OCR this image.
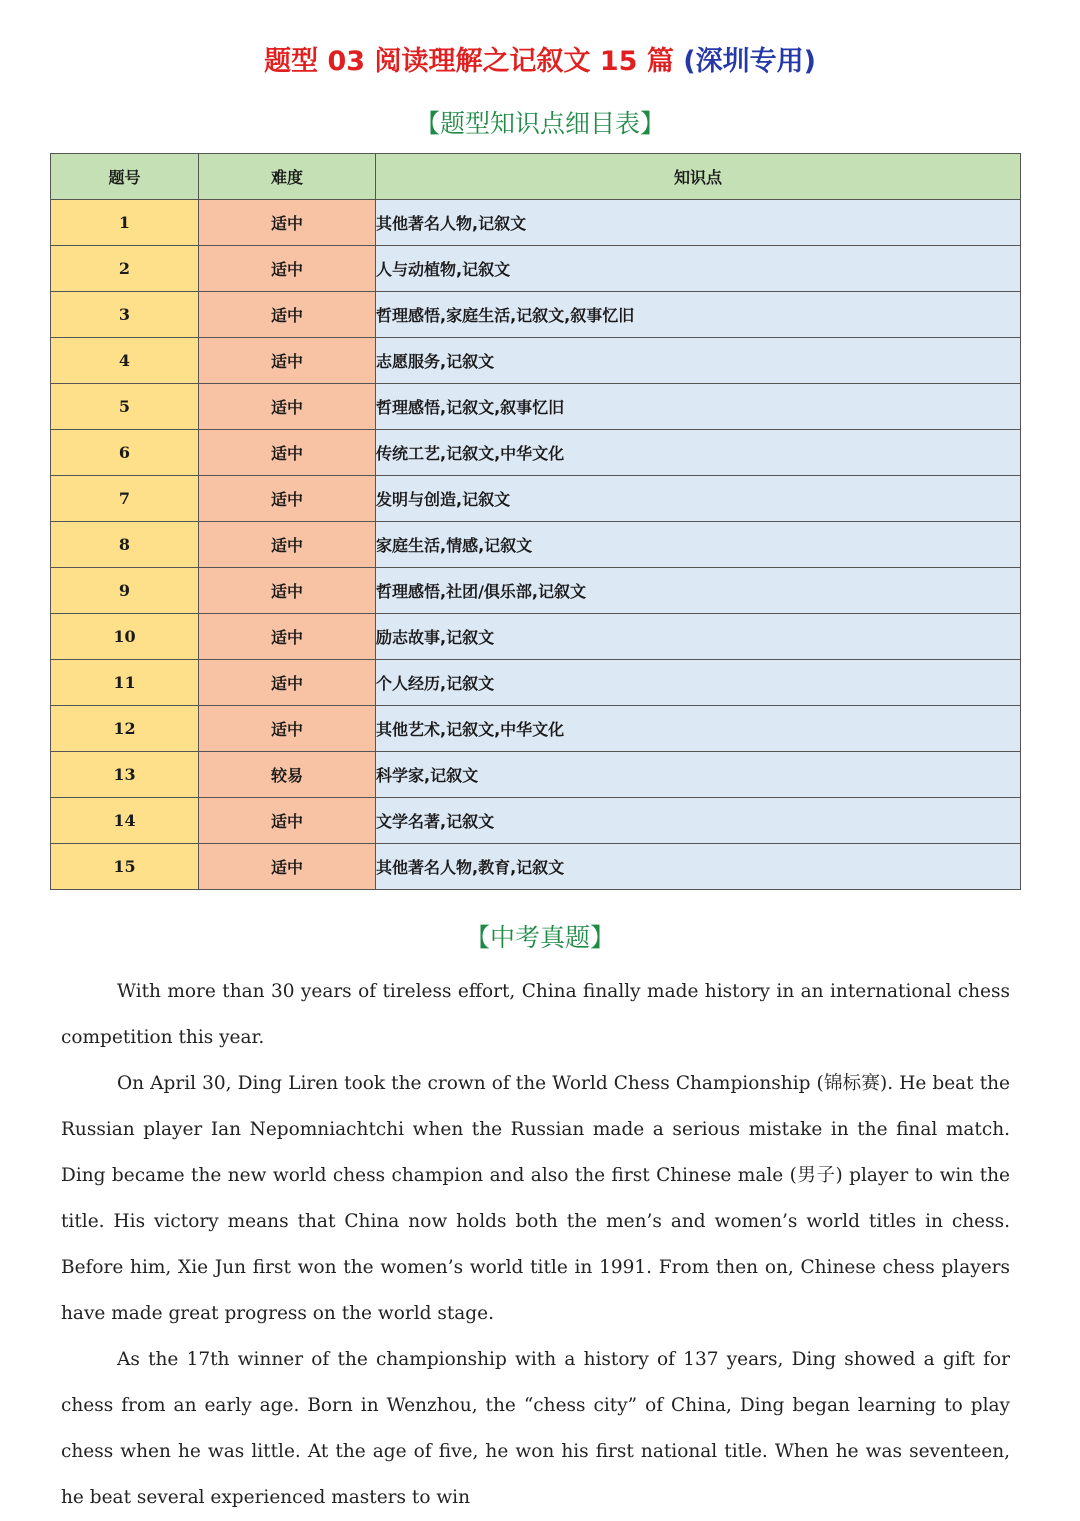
题型 03 阅读理解之记叙文 15 篇 (深圳专用)
【题型知识点细目表】
题号	难度	知识点
1	适中	其他著名人物,记叙文
2	适中	人与动植物,记叙文
3	适中	哲理感悟,家庭生活,记叙文,叙事忆旧
4	适中	志愿服务,记叙文
5	适中	哲理感悟,记叙文,叙事忆旧
6	适中	传统工艺,记叙文,中华文化
7	适中	发明与创造,记叙文
8	适中	家庭生活,情感,记叙文
9	适中	哲理感悟,社团/俱乐部,记叙文
10	适中	励志故事,记叙文
11	适中	个人经历,记叙文
12	适中	其他艺术,记叙文,中华文化
13	较易	科学家,记叙文
14	适中	文学名著,记叙文
15	适中	其他著名人物,教育,记叙文
【中考真题】

With more than 30 years of tireless effort, China finally made history in an international chess competition this year.

On April 30, Ding Liren took the crown of the World Chess Championship (锦标赛). He beat the Russian player Ian Nepomniachtchi when the Russian made a serious mistake in the final match. Ding became the new world chess champion and also the first Chinese male (男子) player to win the title. His victory means that China now holds both the men’s and women’s world titles in chess. Before him, Xie Jun first won the women’s world title in 1991. From then on, Chinese chess players have made great progress on the world stage.

As the 17th winner of the championship with a history of 137 years, Ding showed a gift for chess from an early age. Born in Wenzhou, the “chess city” of China, Ding began learning to play chess when he was little. At the age of five, he won his first national title. When he was seventeen, he beat several experienced masters to win
